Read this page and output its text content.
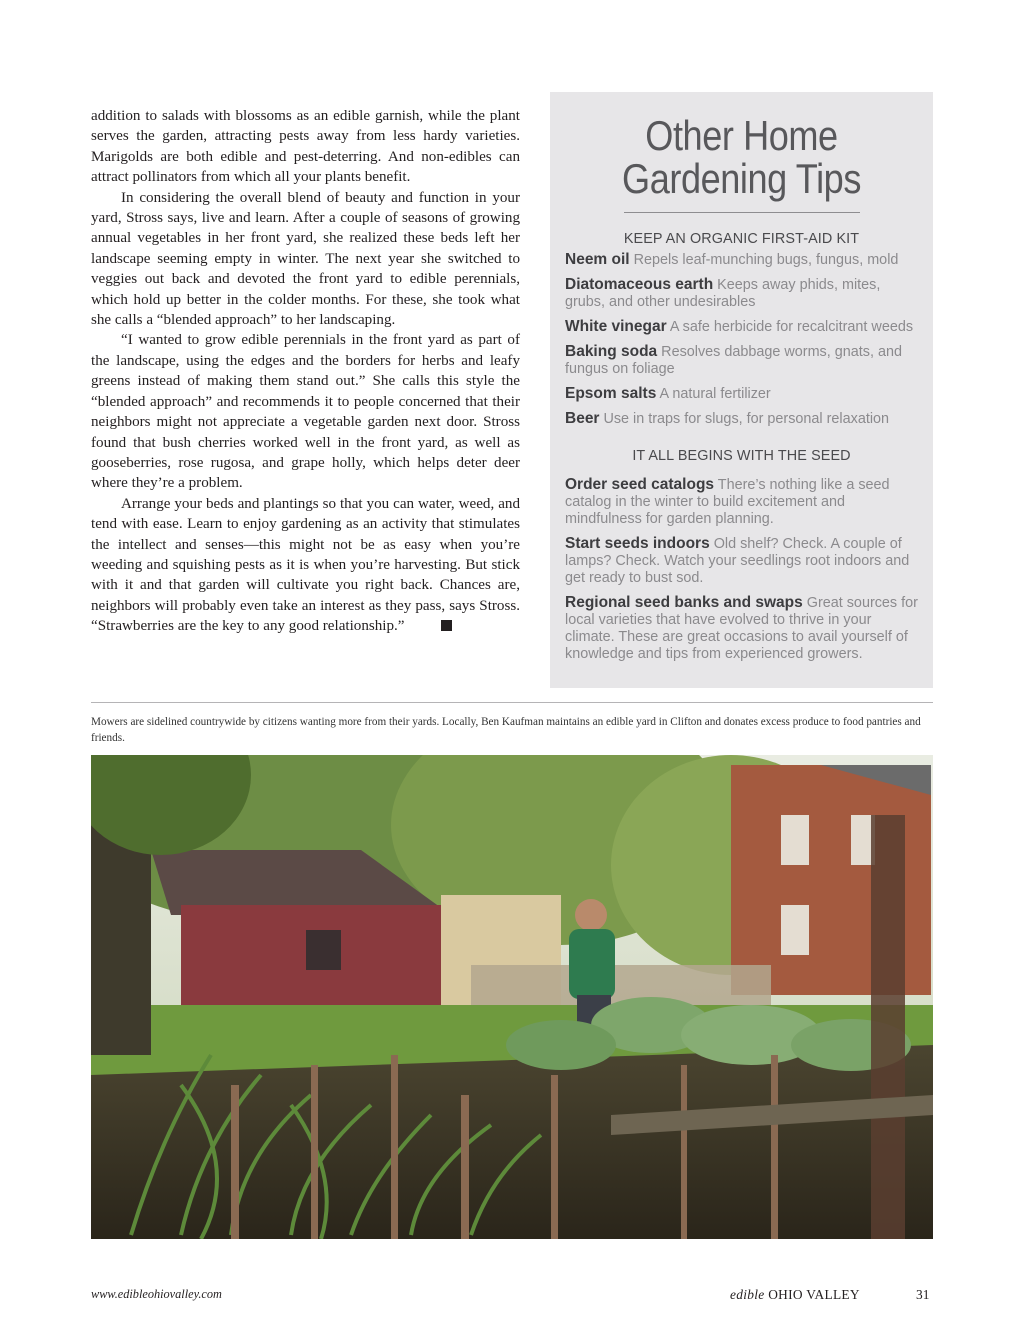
addition to salads with blossoms as an edible garnish, while the plant serves the garden, attracting pests away from less hardy varieties. Marigolds are both edible and pest-deterring. And non-edibles can attract pollinators from which all your plants benefit.

In considering the overall blend of beauty and function in your yard, Stross says, live and learn. After a couple of seasons of growing annual vegetables in her front yard, she realized these beds left her landscape seeming empty in winter. The next year she switched to veggies out back and devoted the front yard to edible perennials, which hold up better in the colder months. For these, she took what she calls a “blended approach” to her landscaping.

“I wanted to grow edible perennials in the front yard as part of the landscape, using the edges and the borders for herbs and leafy greens instead of making them stand out.” She calls this style the “blended approach” and recommends it to people concerned that their neighbors might not appreciate a vegetable garden next door. Stross found that bush cherries worked well in the front yard, as well as gooseberries, rose rugosa, and grape holly, which helps deter deer where they’re a problem.

Arrange your beds and plantings so that you can water, weed, and tend with ease. Learn to enjoy gardening as an activity that stimulates the intellect and senses—this might not be as easy when you’re weeding and squishing pests as it is when you’re harvesting. But stick with it and that garden will cultivate you right back. Chances are, neighbors will probably even take an interest as they pass, says Stross. “Strawberries are the key to any good relationship.”

Other Home
Gardening Tips
KEEP AN ORGANIC FIRST-AID KIT
Neem oil Repels leaf-munching bugs, fungus, mold
Diatomaceous earth Keeps away phids, mites, grubs, and other undesirables
White vinegar A safe herbicide for recalcitrant weeds
Baking soda Resolves dabbage worms, gnats, and fungus on foliage
Epsom salts A natural fertilizer
Beer Use in traps for slugs, for personal relaxation
IT ALL BEGINS WITH THE SEED
Order seed catalogs There’s nothing like a seed catalog in the winter to build excitement and mindfulness for garden planning.
Start seeds indoors Old shelf? Check. A couple of lamps? Check. Watch your seedlings root indoors and get ready to bust sod.
Regional seed banks and swaps Great sources for local varieties that have evolved to thrive in your climate. These are great occasions to avail yourself of knowledge and tips from experienced growers.
Mowers are sidelined countrywide by citizens wanting more from their yards. Locally, Ben Kaufman maintains an edible yard in Clifton and donates excess produce to food pantries and friends.
www.edibleohiovalley.com	edible OHIO VALLEY	31
